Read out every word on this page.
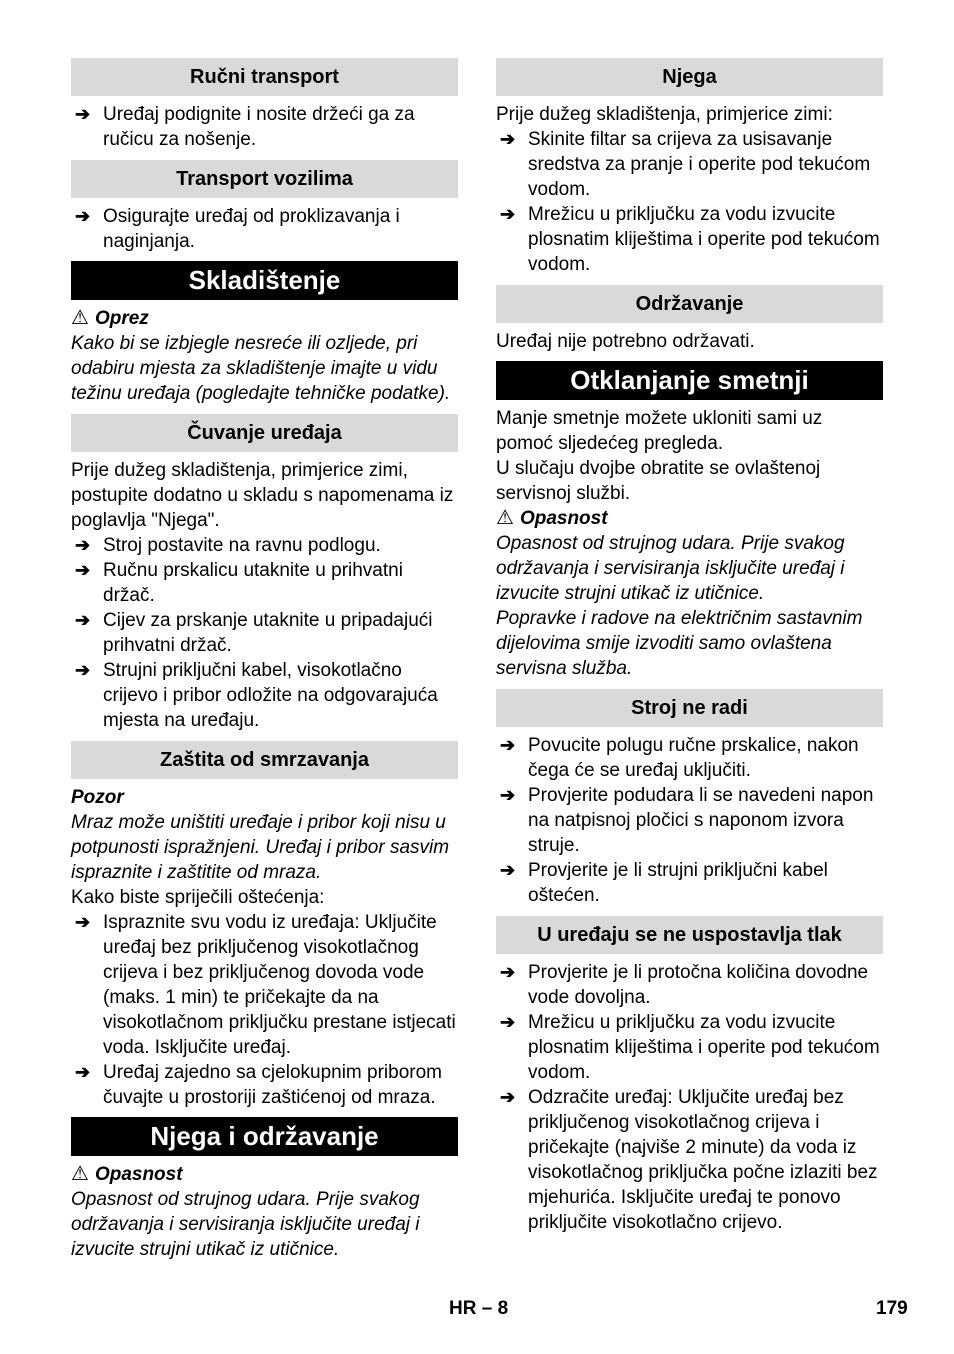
Ručni transport
➔ Uređaj podignite i nosite držeći ga za ručicu za nošenje.
Transport vozilima
➔ Osigurajte uređaj od proklizavanja i naginjanja.
Skladištenje
⚠ Oprez

Kako bi se izbjegle nesreće ili ozljede, pri odabiru mjesta za skladištenje imajte u vidu težinu uređaja (pogledajte tehničke podatke).

Čuvanje uređaja

Prije dužeg skladištenja, primjerice zimi, postupite dodatno u skladu s napomenama iz poglavlja "Njega".

➔ Stroj postavite na ravnu podlogu.
➔ Ručnu prskalicu utaknite u prihvatni držač.
➔ Cijev za prskanje utaknite u pripadajući prihvatni držač.
➔ Strujni priključni kabel, visokotlačno crijevo i pribor odložite na odgovarajuća mjesta na uređaju.
Zaštita od smrzavanja
Pozor

Mraz može uništiti uređaje i pribor koji nisu u potpunosti ispražnjeni. Uređaj i pribor sasvim ispraznite i zaštitite od mraza.

Kako biste spriječili oštećenja:

➔ Ispraznite svu vodu iz uređaja: Uključite uređaj bez priključenog visokotlačnog crijeva i bez priključenog dovoda vode (maks. 1 min) te pričekajte da na visokotlačnom priključku prestane istjecati voda. Isključite uređaj.
➔ Uređaj zajedno sa cjelokupnim priborom čuvajte u prostoriji zaštićenoj od mraza.
Njega i održavanje
⚠ Opasnost

Opasnost od strujnog udara. Prije svakog održavanja i servisiranja isključite uređaj i izvucite strujni utikač iz utičnice.

Njega

Prije dužeg skladištenja, primjerice zimi:

➔ Skinite filtar sa crijeva za usisavanje sredstva za pranje i operite pod tekućom vodom.
➔ Mrežicu u priključku za vodu izvucite plosnatim kliještima i operite pod tekućom vodom.
Održavanje

Uređaj nije potrebno održavati.

Otklanjanje smetnji

Manje smetnje možete ukloniti sami uz pomoć sljedećeg pregleda.

U slučaju dvojbe obratite se ovlaštenoj servisnoj službi.

⚠ Opasnost

Opasnost od strujnog udara. Prije svakog održavanja i servisiranja isključite uređaj i izvucite strujni utikač iz utičnice.

Popravke i radove na električnim sastavnim dijelovima smije izvoditi samo ovlaštena servisna služba.

Stroj ne radi
➔ Povucite polugu ručne prskalice, nakon čega će se uređaj uključiti.
➔ Provjerite podudara li se navedeni napon na natpisnoj pločici s naponom izvora struje.
➔ Provjerite je li strujni priključni kabel oštećen.
U uređaju se ne uspostavlja tlak
➔ Provjerite je li protočna količina dovodne vode dovoljna.
➔ Mrežicu u priključku za vodu izvucite plosnatim kliještima i operite pod tekućom vodom.
➔ Odzračite uređaj: Uključite uređaj bez priključenog visokotlačnog crijeva i pričekajte (najviše 2 minute) da voda iz visokotlačnog priključka počne izlaziti bez mjehurića. Isključite uređaj te ponovo priključite visokotlačno crijevo.
HR – 8	179
